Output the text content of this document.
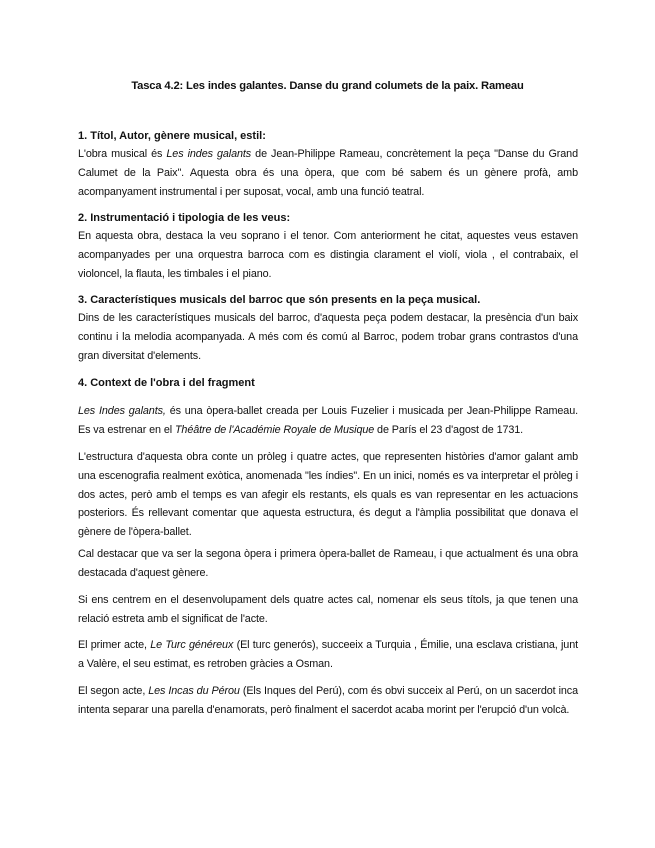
Tasca 4.2: Les indes galantes. Danse du grand columets de la paix. Rameau
1. Títol, Autor, gènere musical, estil:
L'obra musical és Les indes galants de Jean-Philippe Rameau, concrètement la peça "Danse du Grand Calumet de la Paix". Aquesta obra és una òpera, que com bé sabem és un gènere profà, amb acompanyament instrumental i per suposat, vocal, amb una funció teatral.
2. Instrumentació i tipologia de les veus:
En aquesta obra, destaca la veu soprano i el tenor. Com anteriorment he citat, aquestes veus estaven acompanyades per una orquestra barroca com es distingia clarament el violí, viola , el contrabaix, el violoncel, la flauta, les timbales i el piano.
3. Característiques musicals del barroc que són presents en la peça musical.
Dins de les característiques musicals del barroc, d'aquesta peça podem destacar, la presència d'un baix continu i la melodia acompanyada. A més com és comú al Barroc, podem trobar grans contrastos d'una gran diversitat d'elements.
4. Context de l'obra i del fragment
Les Indes galants, és una òpera-ballet creada per Louis Fuzelier i musicada per Jean-Philippe Rameau. Es va estrenar en el Théâtre de l'Académie Royale de Musique de París el 23 d'agost de 1731.
L'estructura d'aquesta obra conte un pròleg i quatre actes, que representen històries d'amor galant amb una escenografia realment exòtica, anomenada "les índies". En un inici, només es va interpretar el pròleg i dos actes, però amb el temps es van afegir els restants, els quals es van representar en les actuacions posteriors. És rellevant comentar que aquesta estructura, és degut a l'àmplia possibilitat que donava el gènere de l'òpera-ballet.
Cal destacar que va ser la segona òpera i primera òpera-ballet de Rameau, i que actualment és una obra destacada d'aquest gènere.
Si ens centrem en el desenvolupament dels quatre actes cal, nomenar els seus títols, ja que tenen una relació estreta amb el significat de l'acte.
El primer acte, Le Turc généreux (El turc generós), succeeix a Turquia , Émilie, una esclava cristiana, junt a Valère, el seu estimat, es retroben gràcies a Osman.
El segon acte, Les Incas du Pérou (Els Inques del Perú), com és obvi succeix al Perú, on un sacerdot inca intenta separar una parella d'enamorats, però finalment el sacerdot acaba morint per l'erupció d'un volcà.
